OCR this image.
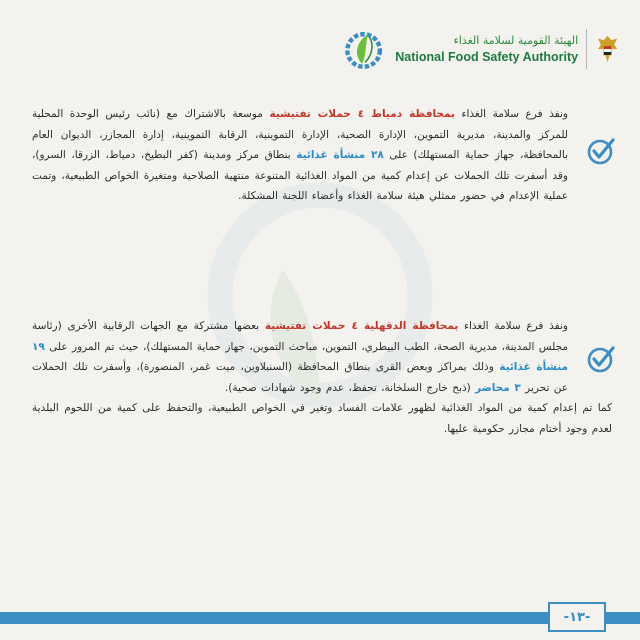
الهيئة القومية لسلامة الغذاء
National Food Safety Authority
ونفذ فرع سلامة الغذاء بمحافظة دمياط ٤ حملات تفتيشية موسعة بالاشتراك مع (نائب رئيس الوحدة المحلية للمركز والمدينة، مديرية التموين، الإدارة الصحية، الإدارة التموينية، الرقابة التموينية، إدارة المجازر، الديوان العام بالمحافظة، جهاز حماية المستهلك) على ٢٨ منشأة غذائية بنطاق مركز ومدينة (كفر البطيخ، دمياط، الزرقا، السرو)، وقد أسفرت تلك الحملات عن إعدام كمية من المواد الغذائية المتنوعة منتهية الصلاحية ومتغيرة الخواص الطبيعية، وتمت عملية الإعدام في حضور ممثلي هيئة سلامة الغذاء وأعضاء اللجنة المشكلة.
ونفذ فرع سلامة الغذاء بمحافظة الدقهلية ٤ حملات تفتيشية بعضها مشتركة مع الجهات الرقابية الأخرى (رئاسة مجلس المدينة، مديرية الصحة، الطب البيطري، التموين، مباحث التموين، جهاز حماية المستهلك)، حيث تم المرور على ١٩ منشأة غذائية وذلك بمراكز وبعض القرى بنطاق المحافظة (السنبلاوين، ميت غمر، المنصورة)، وأسفرت تلك الحملات عن تحرير ٣ محاضر (ذبح خارج السلخانة، تحفظ، عدم وجود شهادات صحية).
كما تم إعدام كمية من المواد الغذائية لظهور علامات الفساد وتغير في الخواص الطبيعية، والتحفظ على كمية من اللحوم البلدية لعدم وجود أختام مجازر حكومية عليها.
-١٣-
